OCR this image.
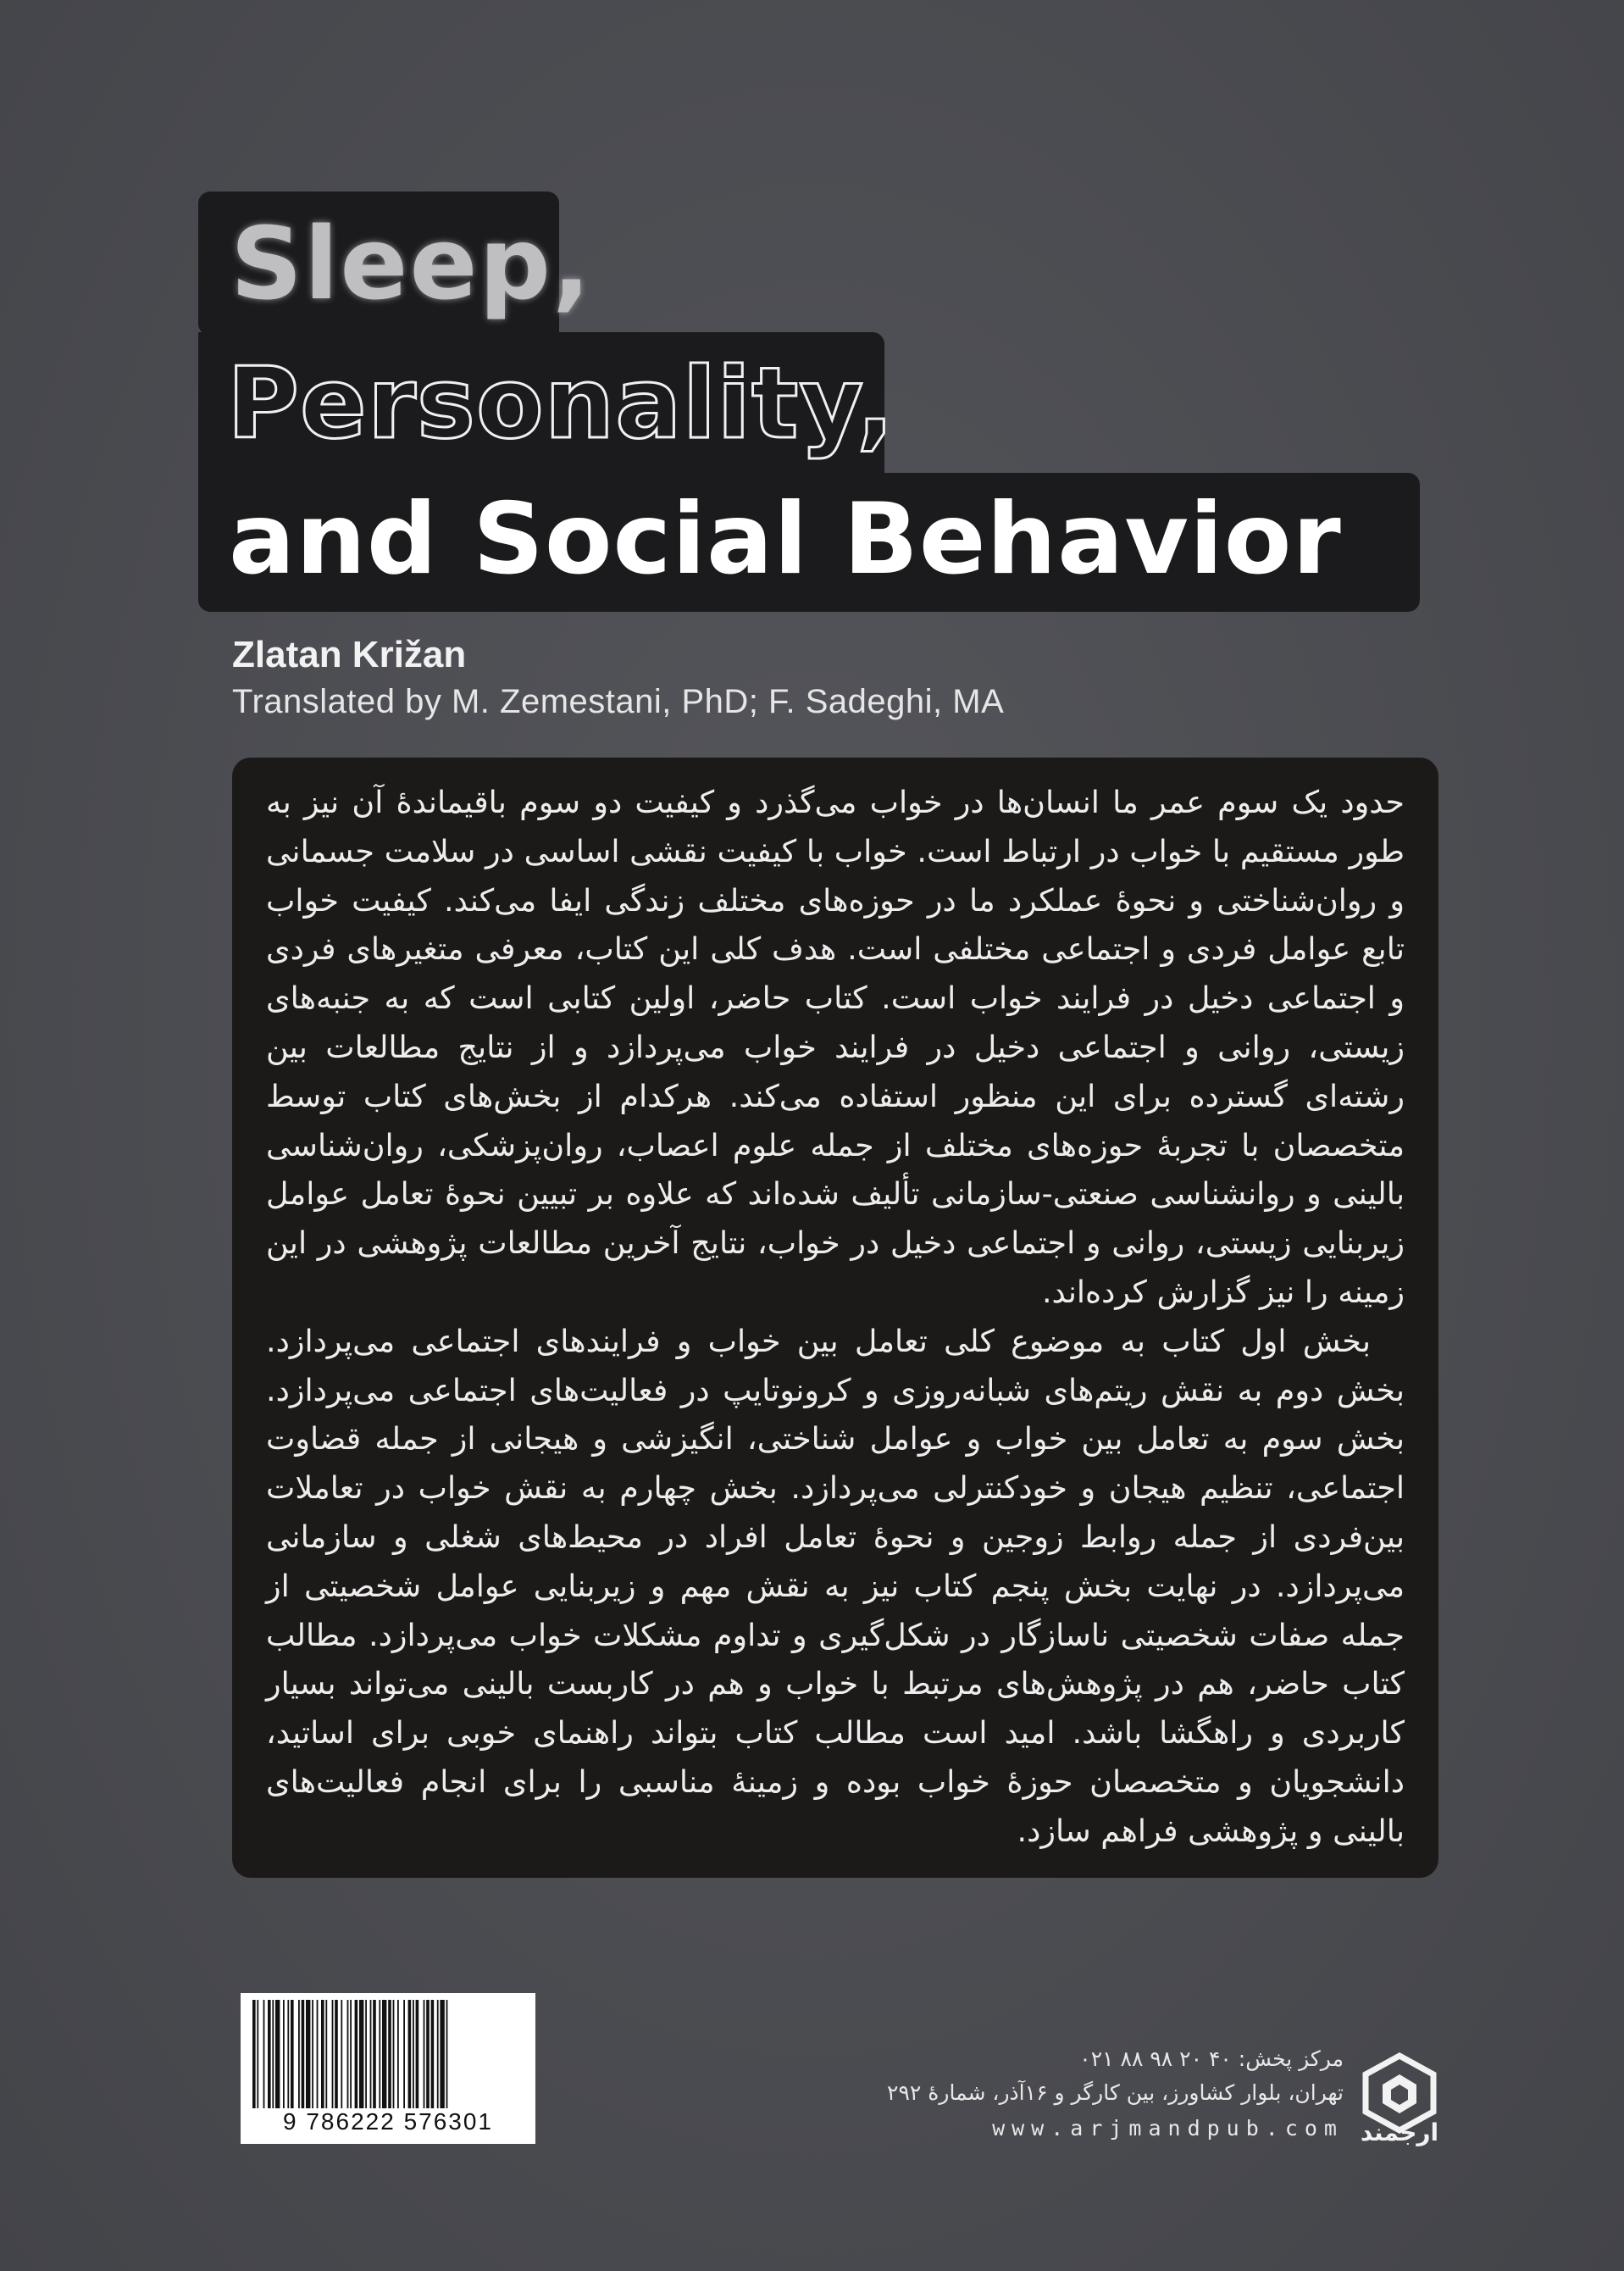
Sleep,
Personality,
and Social Behavior
Zlatan Križan
Translated by M. Zemestani, PhD; F. Sadeghi, MA

حدود یک سوم عمر ما انسان‌ها در خواب می‌گذرد و کیفیت دو سوم باقیماندۀ آن نیز به طور مستقیم با خواب در ارتباط است. خواب با کیفیت نقشی اساسی در سلامت جسمانی و روان‌شناختی و نحوۀ عملکرد ما در حوزه‌های مختلف زندگی ایفا می‌کند. کیفیت خواب تابع عوامل فردی و اجتماعی مختلفی است. هدف کلی این کتاب، معرفی متغیرهای فردی و اجتماعی دخیل در فرایند خواب است. کتاب حاضر، اولین کتابی است که به جنبه‌های زیستی، روانی و اجتماعی دخیل در فرایند خواب می‌پردازد و از نتایج مطالعات بین رشته‌ای گسترده برای این منظور استفاده می‌کند. هرکدام از بخش‌های کتاب توسط متخصصان با تجربۀ حوزه‌های مختلف از جمله علوم اعصاب، روان‌پزشکی، روان‌شناسی بالینی و روانشناسی صنعتی-سازمانی تألیف شده‌اند که علاوه بر تبیین نحوۀ تعامل عوامل زیربنایی زیستی، روانی و اجتماعی دخیل در خواب، نتایج آخرین مطالعات پژوهشی در این زمینه را نیز گزارش کرده‌اند.

بخش اول کتاب به موضوع کلی تعامل بین خواب و فرایندهای اجتماعی می‌پردازد. بخش دوم به نقش ریتم‌های شبانه‌روزی و کرونوتایپ در فعالیت‌های اجتماعی می‌پردازد. بخش سوم به تعامل بین خواب و عوامل شناختی، انگیزشی و هیجانی از جمله قضاوت اجتماعی، تنظیم هیجان و خودکنترلی می‌پردازد. بخش چهارم به نقش خواب در تعاملات بین‌فردی از جمله روابط زوجین و نحوۀ تعامل افراد در محیط‌های شغلی و سازمانی می‌پردازد. در نهایت بخش پنجم کتاب نیز به نقش مهم و زیربنایی عوامل شخصیتی از جمله صفات شخصیتی ناسازگار در شکل‌گیری و تداوم مشکلات خواب می‌پردازد. مطالب کتاب حاضر، هم در پژوهش‌های مرتبط با خواب و هم در کاربست بالینی می‌تواند بسیار کاربردی و راهگشا باشد. امید است مطالب کتاب بتواند راهنمای خوبی برای اساتید، دانشجویان و متخصصان حوزۀ خواب بوده و زمینۀ مناسبی را برای انجام فعالیت‌های بالینی و پژوهشی فراهم سازد.

9 786222 576301
مرکز پخش: ۴۰ ۲۰ ۹۸ ۸۸ ۰۲۱
تهران، بلوار کشاورز، بین کارگر و ۱۶آذر، شمارۀ ۲۹۲
www.arjmandpub.com ارجمند
